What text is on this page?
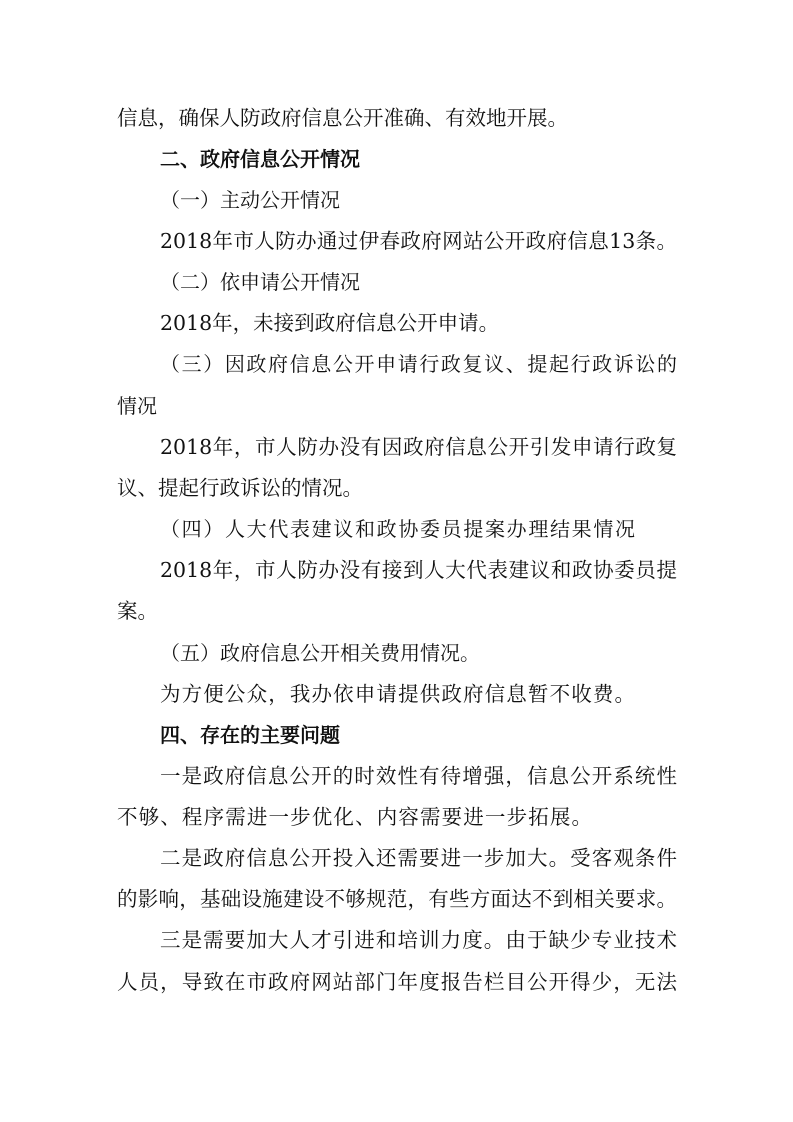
信息，确保人防政府信息公开准确、有效地开展。

二、政府信息公开情况

（一）主动公开情况

2018年市人防办通过伊春政府网站公开政府信息13条。

（二）依申请公开情况

2018年，未接到政府信息公开申请。

（三）因政府信息公开申请行政复议、提起行政诉讼的

情况

2018年，市人防办没有因政府信息公开引发申请行政复

议、提起行政诉讼的情况。

（四）人大代表建议和政协委员提案办理结果情况

2018年，市人防办没有接到人大代表建议和政协委员提

案。

（五）政府信息公开相关费用情况。

为方便公众，我办依申请提供政府信息暂不收费。

四、存在的主要问题

一是政府信息公开的时效性有待增强，信息公开系统性

不够、程序需进一步优化、内容需要进一步拓展。

二是政府信息公开投入还需要进一步加大。受客观条件

的影响，基础设施建设不够规范，有些方面达不到相关要求。

三是需要加大人才引进和培训力度。由于缺少专业技术

人员，导致在市政府网站部门年度报告栏目公开得少，无法
